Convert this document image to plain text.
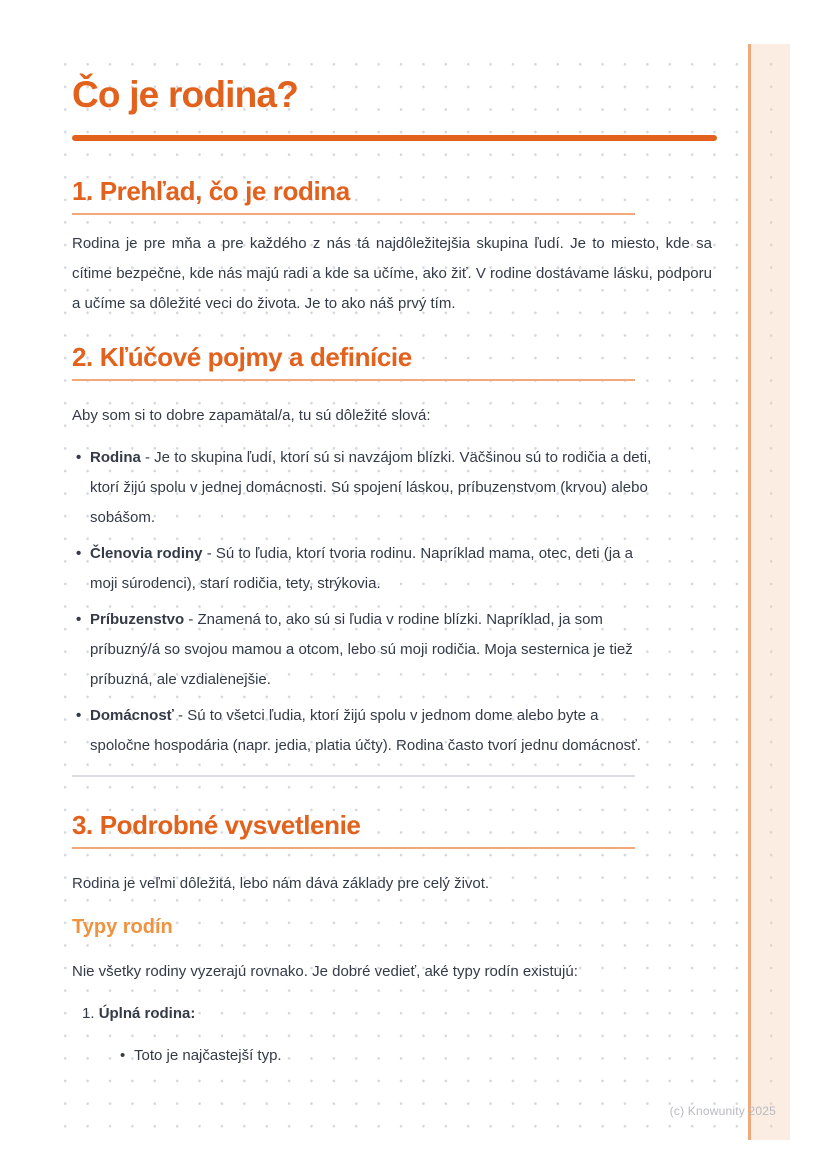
Čo je rodina?
1. Prehľad, čo je rodina

Rodina je pre mňa a pre každého z nás tá najdôležitejšia skupina ľudí. Je to miesto, kde sa cítime bezpečne, kde nás majú radi a kde sa učíme, ako žiť. V rodine dostávame lásku, podporu a učíme sa dôležité veci do života. Je to ako náš prvý tím.

2. Kľúčové pojmy a definície

Aby som si to dobre zapamätal/a, tu sú dôležité slová:

• Rodina - Je to skupina ľudí, ktorí sú si navzájom blízki. Väčšinou sú to rodičia a deti, ktorí žijú spolu v jednej domácnosti. Sú spojení láskou, príbuzenstvom (krvou) alebo sobášom.
• Členovia rodiny - Sú to ľudia, ktorí tvoria rodinu. Napríklad mama, otec, deti (ja a moji súrodenci), starí rodičia, tety, strýkovia.
• Príbuzenstvo - Znamená to, ako sú si ľudia v rodine blízki. Napríklad, ja som príbuzný/á so svojou mamou a otcom, lebo sú moji rodičia. Moja sesternica je tiež príbuzná, ale vzdialenejšie.
• Domácnosť - Sú to všetci ľudia, ktorí žijú spolu v jednom dome alebo byte a spoločne hospodária (napr. jedia, platia účty). Rodina často tvorí jednu domácnosť.
3. Podrobné vysvetlenie

Rodina je veľmi dôležitá, lebo nám dáva základy pre celý život.

Typy rodín

Nie všetky rodiny vyzerajú rovnako. Je dobré vedieť, aké typy rodín existujú:

1. Úplná rodina:
• Toto je najčastejší typ.
(c) Knowunity 2025
